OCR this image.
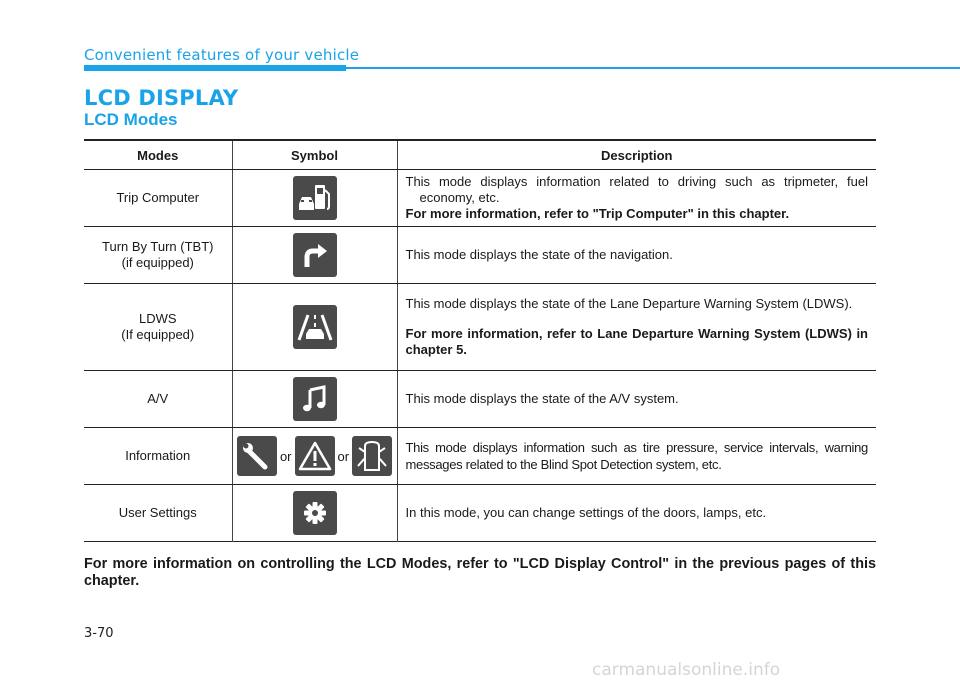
Convenient features of your vehicle
LCD DISPLAY
LCD Modes
Modes	Symbol	Description
Trip Computer		This mode displays information related to driving such as tripmeter, fuel economy, etc.
For more information, refer to "Trip Computer" in this chapter.

Turn By Turn (TBT)
(if equipped)		This mode displays the state of the navigation.

LDWS
(If equipped)		This mode displays the state of the Lane Departure Warning System (LDWS).
For more information, refer to Lane Departure Warning System (LDWS) in chapter 5.

A/V		This mode displays the state of the A/V system.
Information	or or	This mode displays information such as tire pressure, service intervals, warning messages related to the Blind Spot Detection system, etc.
User Settings		In this mode, you can change settings of the doors, lamps, etc.
For more information on controlling the LCD Modes, refer to "LCD Display Control" in the previous pages of this chapter.
3-70
carmanualsonline.info
